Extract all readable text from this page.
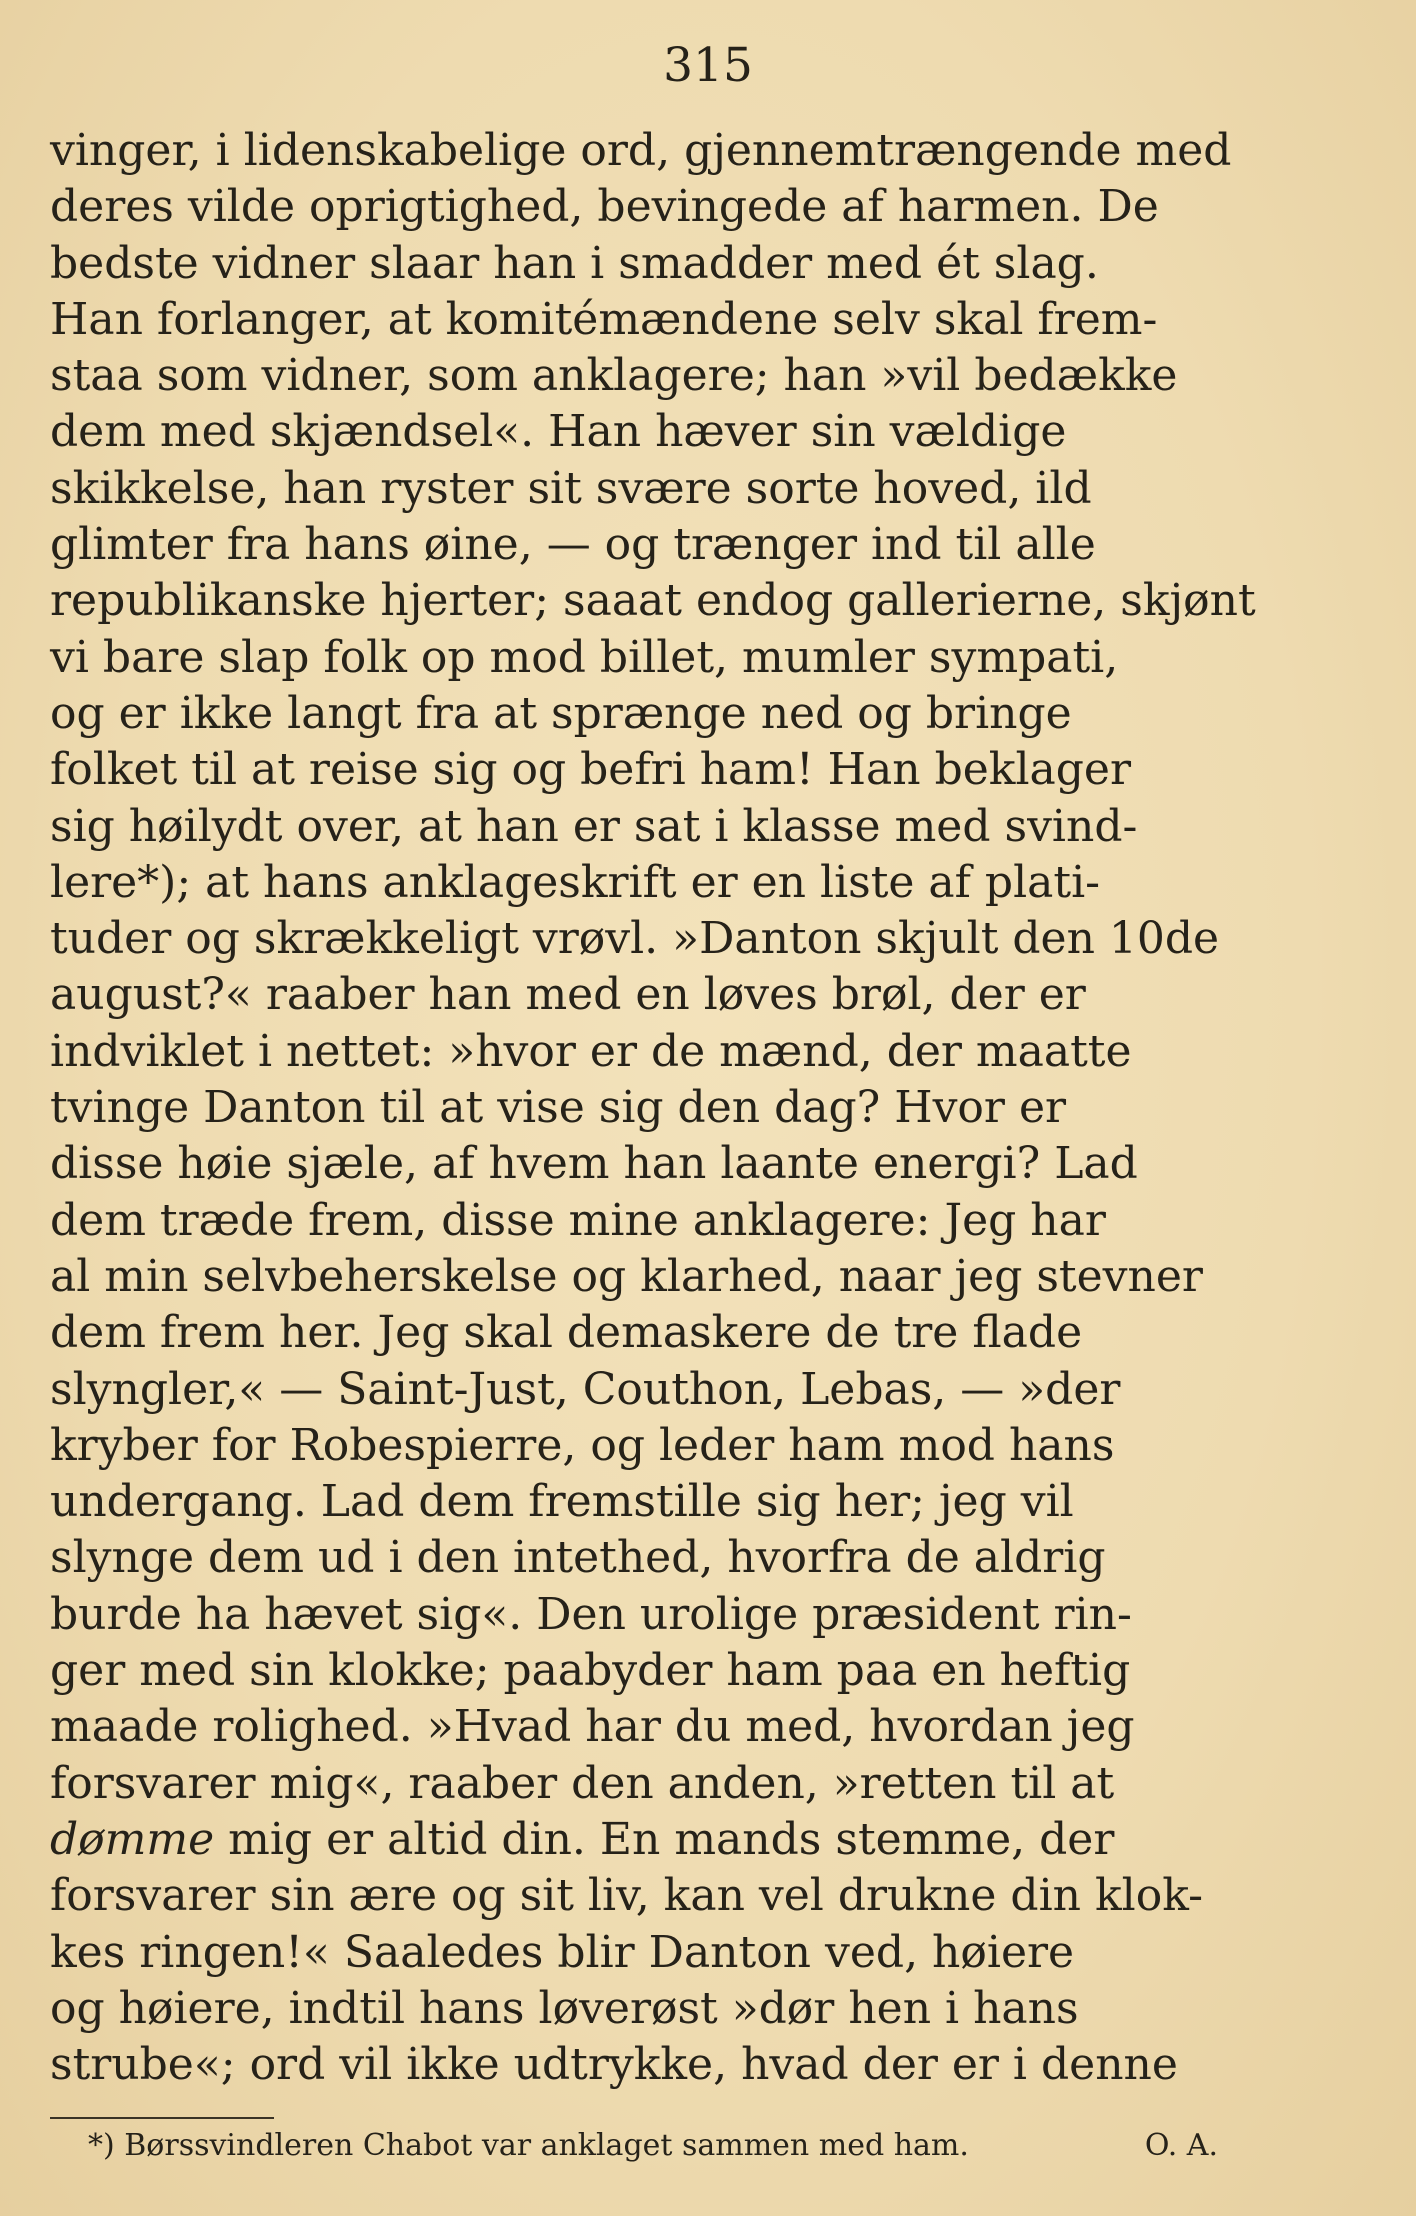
315
vinger, i lidenskabelige ord, gjennemtrængende med
deres vilde oprigtighed, bevingede af harmen. De
bedste vidner slaar han i smadder med ét slag.
Han forlanger, at komitémændene selv skal frem-
staa som vidner, som anklagere; han »vil bedække
dem med skjændsel«. Han hæver sin vældige
skikkelse, han ryster sit svære sorte hoved, ild
glimter fra hans øine, — og trænger ind til alle
republikanske hjerter; saaat endog gallerierne, skjønt
vi bare slap folk op mod billet, mumler sympati,
og er ikke langt fra at sprænge ned og bringe
folket til at reise sig og befri ham! Han beklager
sig høilydt over, at han er sat i klasse med svind-
lere*); at hans anklageskrift er en liste af plati-
tuder og skrækkeligt vrøvl. »Danton skjult den 10de
august?« raaber han med en løves brøl, der er
indviklet i nettet: »hvor er de mænd, der maatte
tvinge Danton til at vise sig den dag? Hvor er
disse høie sjæle, af hvem han laante energi? Lad
dem træde frem, disse mine anklagere: Jeg har
al min selvbeherskelse og klarhed, naar jeg stevner
dem frem her. Jeg skal demaskere de tre flade
slyngler,« — Saint-Just, Couthon, Lebas, — »der
kryber for Robespierre, og leder ham mod hans
undergang. Lad dem fremstille sig her; jeg vil
slynge dem ud i den intethed, hvorfra de aldrig
burde ha hævet sig«. Den urolige præsident rin-
ger med sin klokke; paabyder ham paa en heftig
maade rolighed. »Hvad har du med, hvordan jeg
forsvarer mig«, raaber den anden, »retten til at
dømme mig er altid din. En mands stemme, der
forsvarer sin ære og sit liv, kan vel drukne din klok-
kes ringen!« Saaledes blir Danton ved, høiere
og høiere, indtil hans løverøst »dør hen i hans
strube«; ord vil ikke udtrykke, hvad der er i denne
*) Børssvindleren Chabot var anklaget sammen med ham.	O. A.
